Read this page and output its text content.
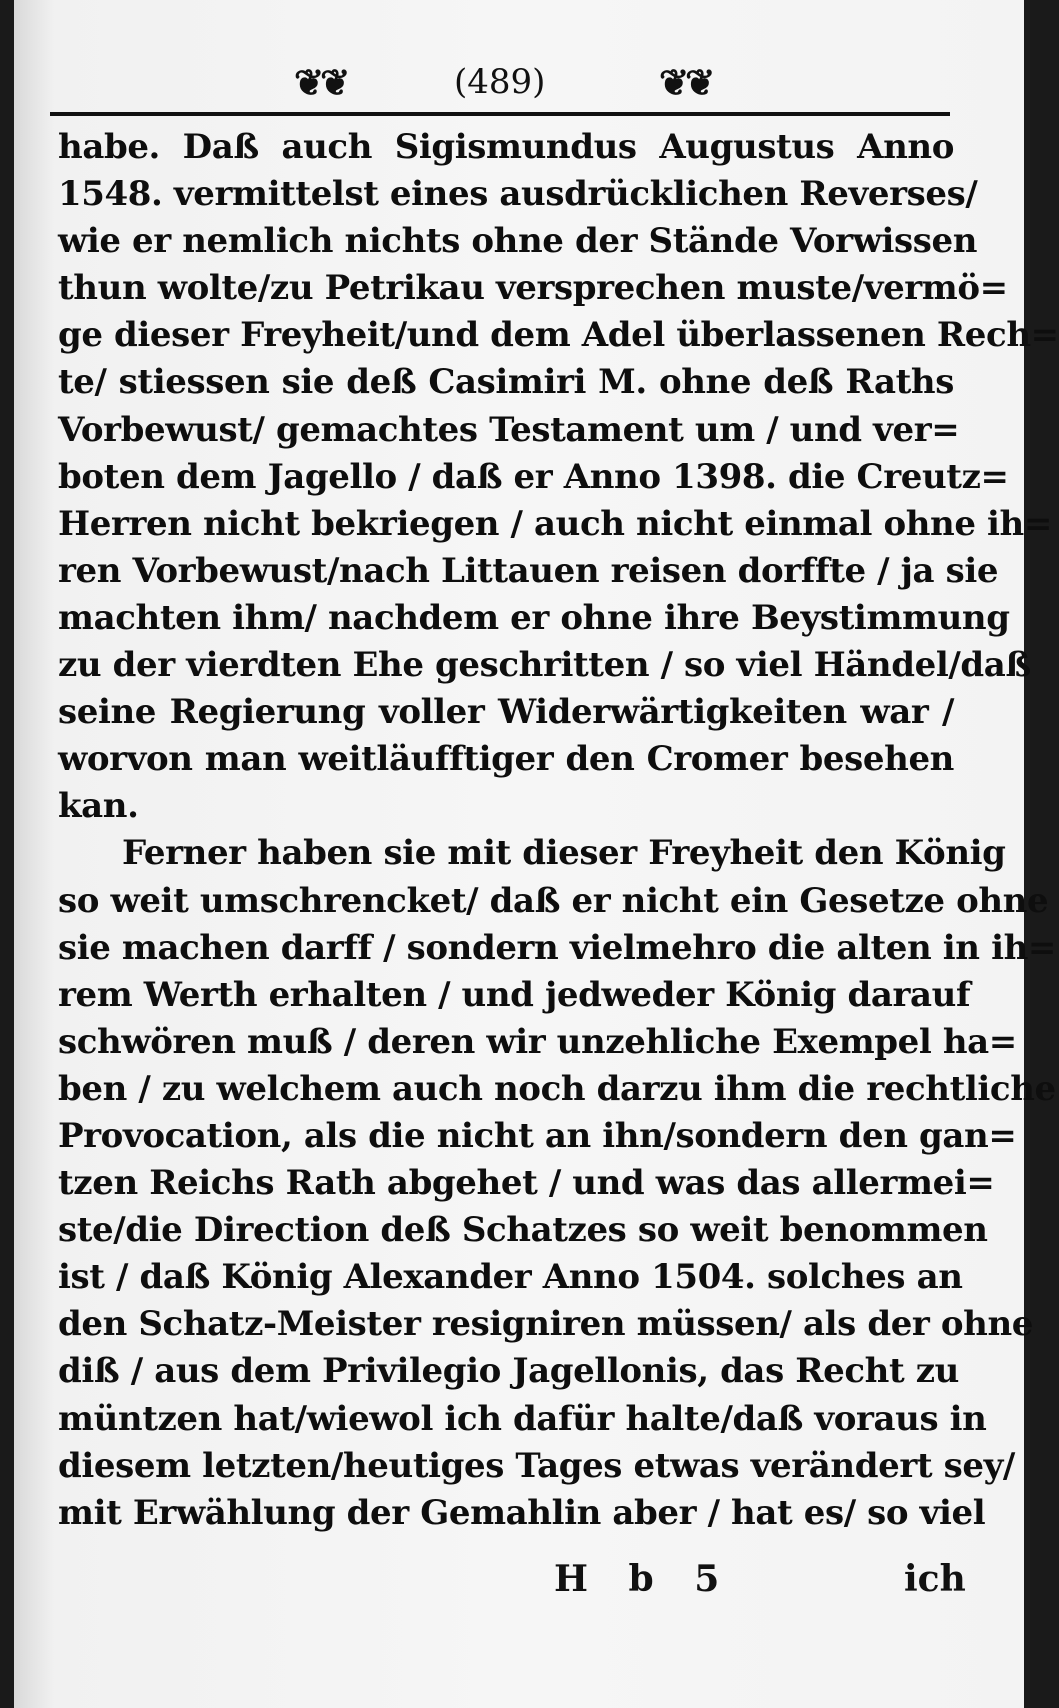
❦❦	(489)	❦❦
habe. Daß auch Sigismundus Augustus Anno
1548. vermittelst eines ausdrücklichen Reverses/
wie er nemlich nichts ohne der Stände Vorwissen
thun wolte/zu Petrikau versprechen muste/vermö=
ge dieser Freyheit/und dem Adel überlassenen Rech=
te/ stiessen sie deß Casimiri M. ohne deß Raths
Vorbewust/ gemachtes Testament um / und ver=
boten dem Jagello / daß er Anno 1398. die Creutz=
Herren nicht bekriegen / auch nicht einmal ohne ih=
ren Vorbewust/nach Littauen reisen dorffte / ja sie
machten ihm/ nachdem er ohne ihre Beystimmung
zu der vierdten Ehe geschritten / so viel Händel/daß
seine Regierung voller Widerwärtigkeiten war /
worvon man weitläufftiger den Cromer besehen
kan.
Ferner haben sie mit dieser Freyheit den König
so weit umschrencket/ daß er nicht ein Gesetze ohne
sie machen darff / sondern vielmehro die alten in ih=
rem Werth erhalten / und jedweder König darauf
schwören muß / deren wir unzehliche Exempel ha=
ben / zu welchem auch noch darzu ihm die rechtliche
Provocation, als die nicht an ihn/sondern den gan=
tzen Reichs Rath abgehet / und was das allermei=
ste/die Direction deß Schatzes so weit benommen
ist / daß König Alexander Anno 1504. solches an
den Schatz-Meister resigniren müssen/ als der ohne
diß / aus dem Privilegio Jagellonis, das Recht zu
müntzen hat/wiewol ich dafür halte/daß voraus in
diesem letzten/heutiges Tages etwas verändert sey/
mit Erwählung der Gemahlin aber / hat es/ so viel
H b 5	ich
